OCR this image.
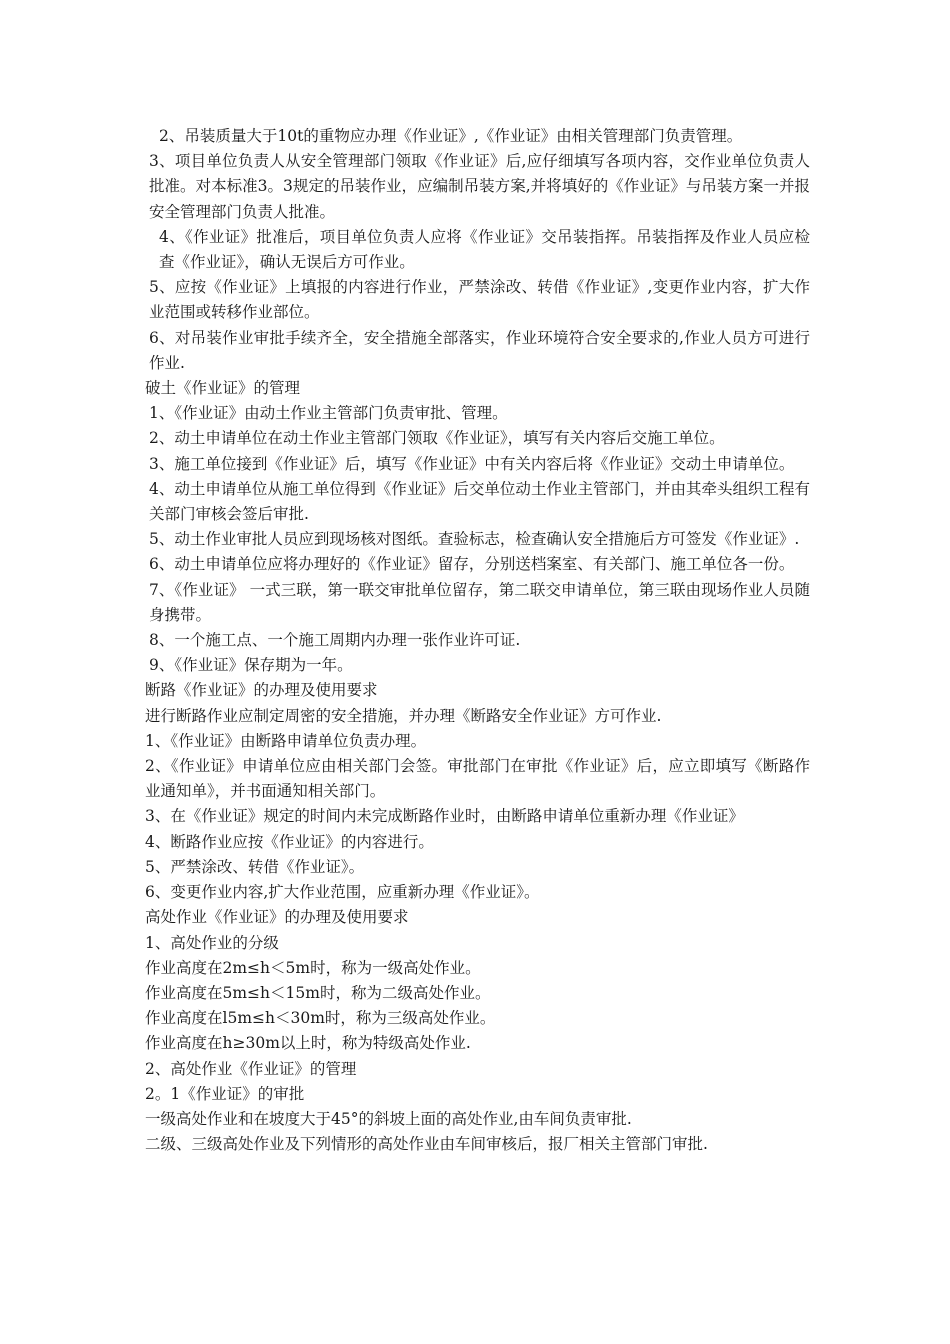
2、吊装质量大于10t的重物应办理《作业证》,《作业证》由相关管理部门负责管理。

3、项目单位负责人从安全管理部门领取《作业证》后,应仔细填写各项内容，交作业单位负责人批准。对本标准3。3规定的吊装作业，应编制吊装方案,并将填好的《作业证》与吊装方案一并报安全管理部门负责人批准。

4、《作业证》批准后，项目单位负责人应将《作业证》交吊装指挥。吊装指挥及作业人员应检查《作业证》，确认无误后方可作业。

5、应按《作业证》上填报的内容进行作业，严禁涂改、转借《作业证》,变更作业内容，扩大作业范围或转移作业部位。

6、对吊装作业审批手续齐全，安全措施全部落实，作业环境符合安全要求的,作业人员方可进行作业.

破土《作业证》的管理

1、《作业证》由动土作业主管部门负责审批、管理。

2、动土申请单位在动土作业主管部门领取《作业证》，填写有关内容后交施工单位。

3、施工单位接到《作业证》后，填写《作业证》中有关内容后将《作业证》交动土申请单位。

4、动土申请单位从施工单位得到《作业证》后交单位动土作业主管部门，并由其牵头组织工程有关部门审核会签后审批.

5、动土作业审批人员应到现场核对图纸。查验标志，检查确认安全措施后方可签发《作业证》.

6、动土申请单位应将办理好的《作业证》留存，分别送档案室、有关部门、施工单位各一份。

7、《作业证》 一式三联，第一联交审批单位留存，第二联交申请单位，第三联由现场作业人员随身携带。

8、一个施工点、一个施工周期内办理一张作业许可证.

9、《作业证》保存期为一年。

断路《作业证》的办理及使用要求

进行断路作业应制定周密的安全措施，并办理《断路安全作业证》方可作业.

1、《作业证》由断路申请单位负责办理。

2、《作业证》申请单位应由相关部门会签。审批部门在审批《作业证》后，应立即填写《断路作业通知单》，并书面通知相关部门。

3、在《作业证》规定的时间内未完成断路作业时，由断路申请单位重新办理《作业证》

4、断路作业应按《作业证》的内容进行。

5、严禁涂改、转借《作业证》。

6、变更作业内容,扩大作业范围，应重新办理《作业证》。

高处作业《作业证》的办理及使用要求

1、高处作业的分级

作业高度在2m≤h＜5m时，称为一级高处作业。

作业高度在5m≤h＜15m时，称为二级高处作业。

作业高度在l5m≤h＜30m时，称为三级高处作业。

作业高度在h≥30m以上时，称为特级高处作业.

2、高处作业《作业证》的管理

2。1《作业证》的审批

一级高处作业和在坡度大于45°的斜坡上面的高处作业,由车间负责审批.

二级、三级高处作业及下列情形的高处作业由车间审核后，报厂相关主管部门审批.
